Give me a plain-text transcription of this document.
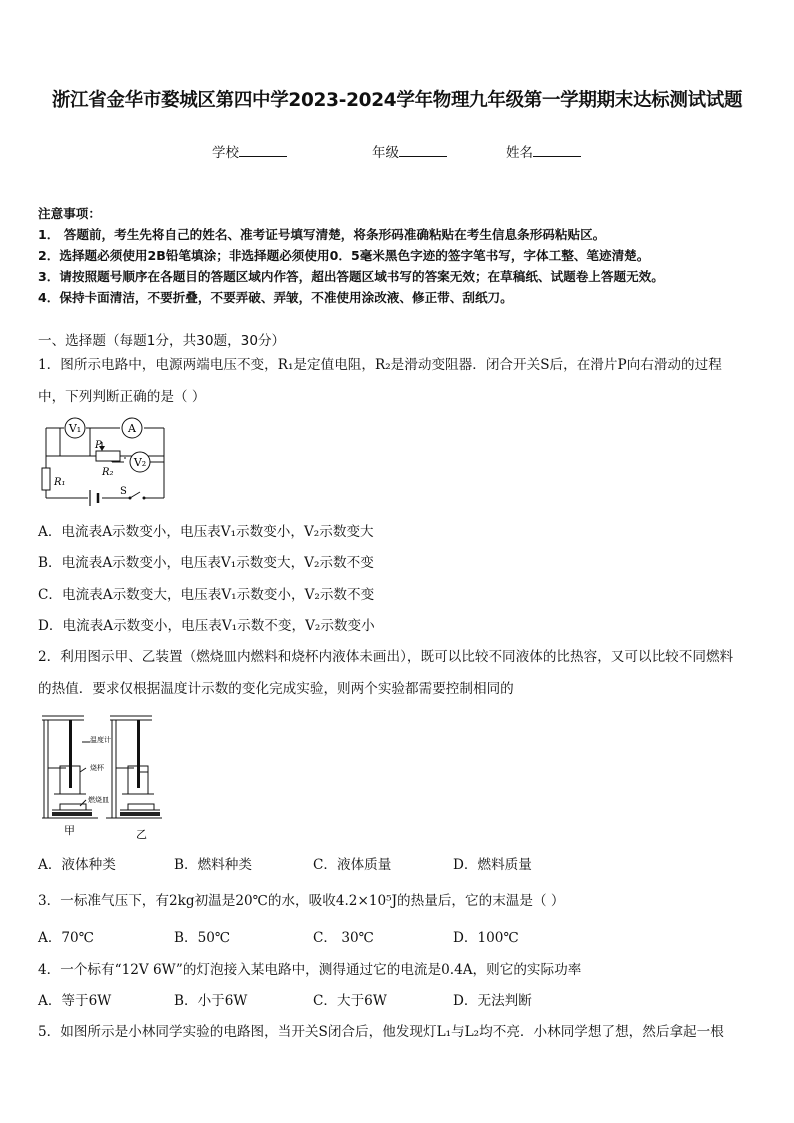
浙江省金华市婺城区第四中学2023-2024学年物理九年级第一学期期末达标测试试题
学校	年级	姓名
注意事项：
1． 答题前，考生先将自己的姓名、准考证号填写清楚，将条形码准确粘贴在考生信息条形码粘贴区。
2．选择题必须使用2B铅笔填涂；非选择题必须使用0．5毫米黑色字迹的签字笔书写，字体工整、笔迹清楚。
3．请按照题号顺序在各题目的答题区域内作答，超出答题区域书写的答案无效；在草稿纸、试题卷上答题无效。
4．保持卡面清洁，不要折叠，不要弄破、弄皱，不准使用涂改液、修正带、刮纸刀。
一、选择题（每题1分，共30题，30分）
1．图所示电路中，电源两端电压不变，R₁是定值电阻，R₂是滑动变阻器．闭合开关S后，在滑片P向右滑动的过程
中，下列判断正确的是（ ）
V₁	A
V₂
P
R₂
R₁
S
A．电流表A示数变小，电压表V₁示数变小，V₂示数变大
B．电流表A示数变小，电压表V₁示数变大，V₂示数不变
C．电流表A示数变大，电压表V₁示数变小，V₂示数不变
D．电流表A示数变小，电压表V₁示数不变，V₂示数变小
2．利用图示甲、乙装置（燃烧皿内燃料和烧杯内液体未画出），既可以比较不同液体的比热容，又可以比较不同燃料
的热值．要求仅根据温度计示数的变化完成实验，则两个实验都需要控制相同的
温度计
烧杯
燃烧皿
甲	乙
A．液体种类	B．燃料种类	C．液体质量	D．燃料质量
3．一标准气压下，有2kg初温是20℃的水，吸收4.2×10⁵J的热量后，它的末温是（ ）
A．70℃	B．50℃	C． 30℃	D．100℃
4．一个标有“12V 6W”的灯泡接入某电路中，测得通过它的电流是0.4A，则它的实际功率
A．等于6W	B．小于6W	C．大于6W	D．无法判断
5．如图所示是小林同学实验的电路图，当开关S闭合后，他发现灯L₁与L₂均不亮．小林同学想了想，然后拿起一根
